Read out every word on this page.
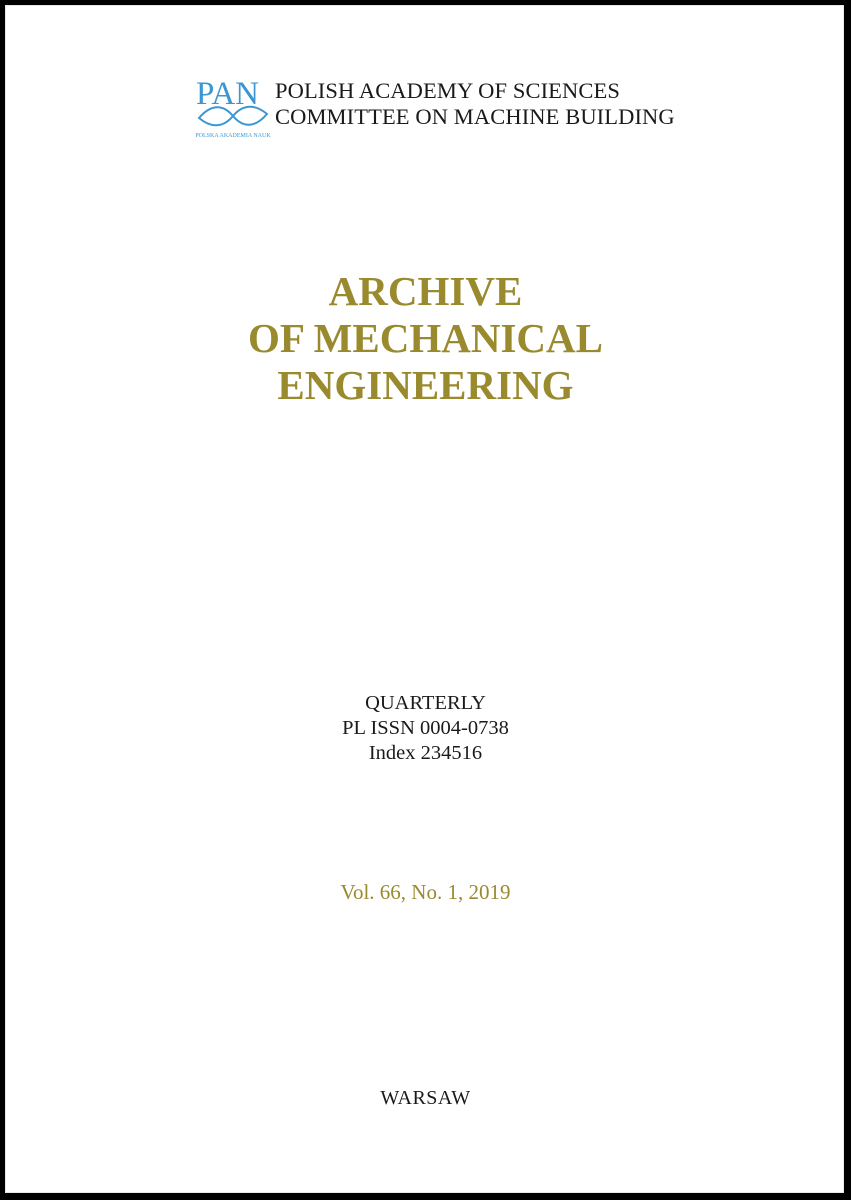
PAN
POLSKA AKADEMIA NAUK
POLISH ACADEMY OF SCIENCES
COMMITTEE ON MACHINE BUILDING
ARCHIVE
OF MECHANICAL
ENGINEERING
QUARTERLY
PL ISSN 0004-0738
Index 234516
Vol. 66, No. 1, 2019
WARSAW
